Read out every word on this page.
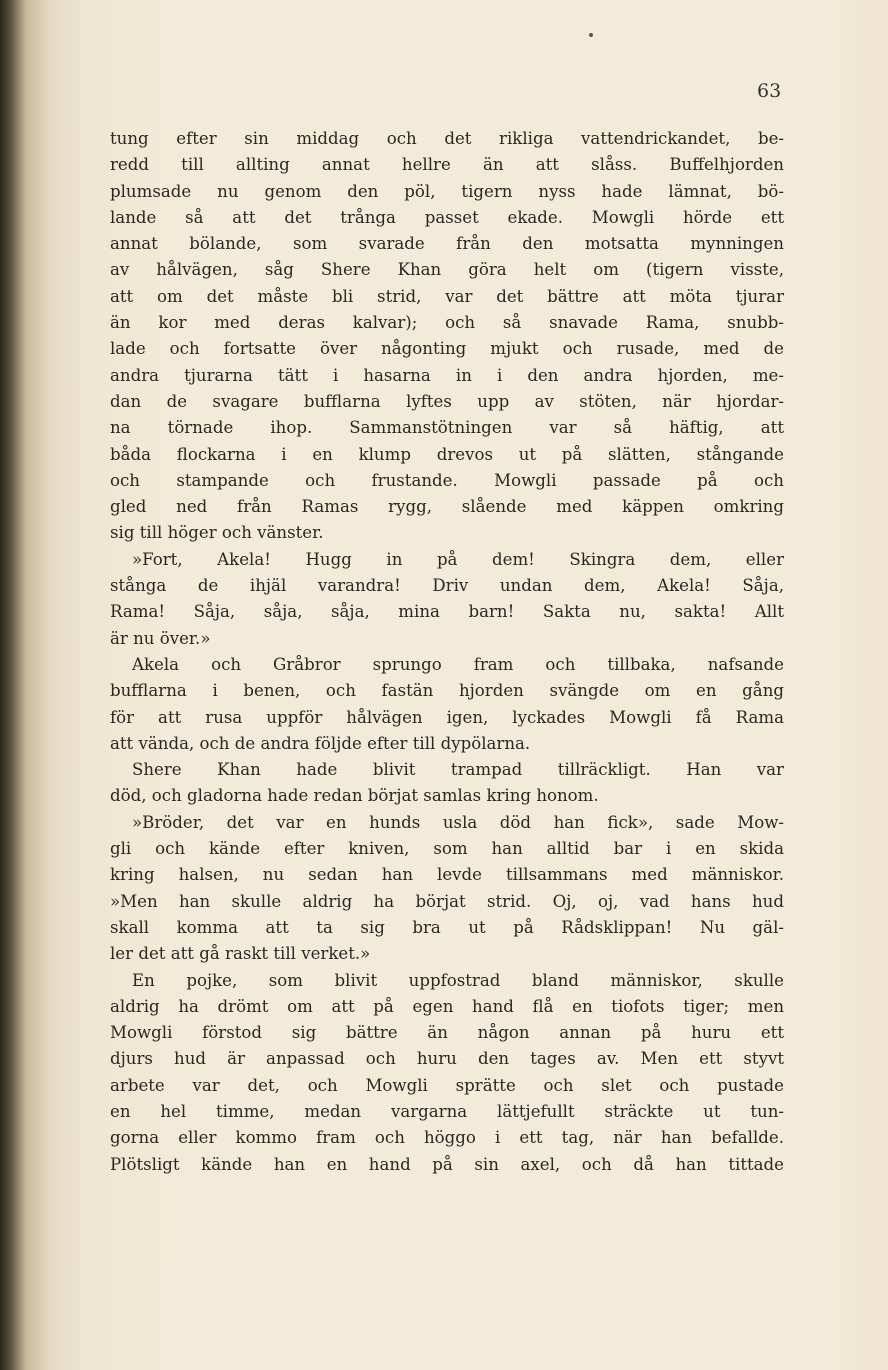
63
tung efter sin middag och det rikliga vattendrickandet, be-
redd till allting annat hellre än att slåss. Buffelhjorden
plumsade nu genom den pöl, tigern nyss hade lämnat, bö-
lande så att det trånga passet ekade. Mowgli hörde ett
annat bölande, som svarade från den motsatta mynningen
av hålvägen, såg Shere Khan göra helt om (tigern visste,
att om det måste bli strid, var det bättre att möta tjurar
än kor med deras kalvar); och så snavade Rama, snubb-
lade och fortsatte över någonting mjukt och rusade, med de
andra tjurarna tätt i hasarna in i den andra hjorden, me-
dan de svagare bufflarna lyftes upp av stöten, när hjordar-
na törnade ihop. Sammanstötningen var så häftig, att
båda flockarna i en klump drevos ut på slätten, stångande
och stampande och frustande. Mowgli passade på och
gled ned från Ramas rygg, slående med käppen omkring
sig till höger och vänster.
»Fort, Akela! Hugg in på dem! Skingra dem, eller
stånga de ihjäl varandra! Driv undan dem, Akela! Såja,
Rama! Såja, såja, såja, mina barn! Sakta nu, sakta! Allt
är nu över.»
Akela och Gråbror sprungo fram och tillbaka, nafsande
bufflarna i benen, och fastän hjorden svängde om en gång
för att rusa uppför hålvägen igen, lyckades Mowgli få Rama
att vända, och de andra följde efter till dypölarna.
Shere Khan hade blivit trampad tillräckligt. Han var
död, och gladorna hade redan börjat samlas kring honom.
»Bröder, det var en hunds usla död han fick», sade Mow-
gli och kände efter kniven, som han alltid bar i en skida
kring halsen, nu sedan han levde tillsammans med människor.
»Men han skulle aldrig ha börjat strid. Oj, oj, vad hans hud
skall komma att ta sig bra ut på Rådsklippan! Nu gäl-
ler det att gå raskt till verket.»
En pojke, som blivit uppfostrad bland människor, skulle
aldrig ha drömt om att på egen hand flå en tiofots tiger; men
Mowgli förstod sig bättre än någon annan på huru ett
djurs hud är anpassad och huru den tages av. Men ett styvt
arbete var det, och Mowgli sprätte och slet och pustade
en hel timme, medan vargarna lättjefullt sträckte ut tun-
gorna eller kommo fram och höggo i ett tag, när han befallde.
Plötsligt kände han en hand på sin axel, och då han tittade
